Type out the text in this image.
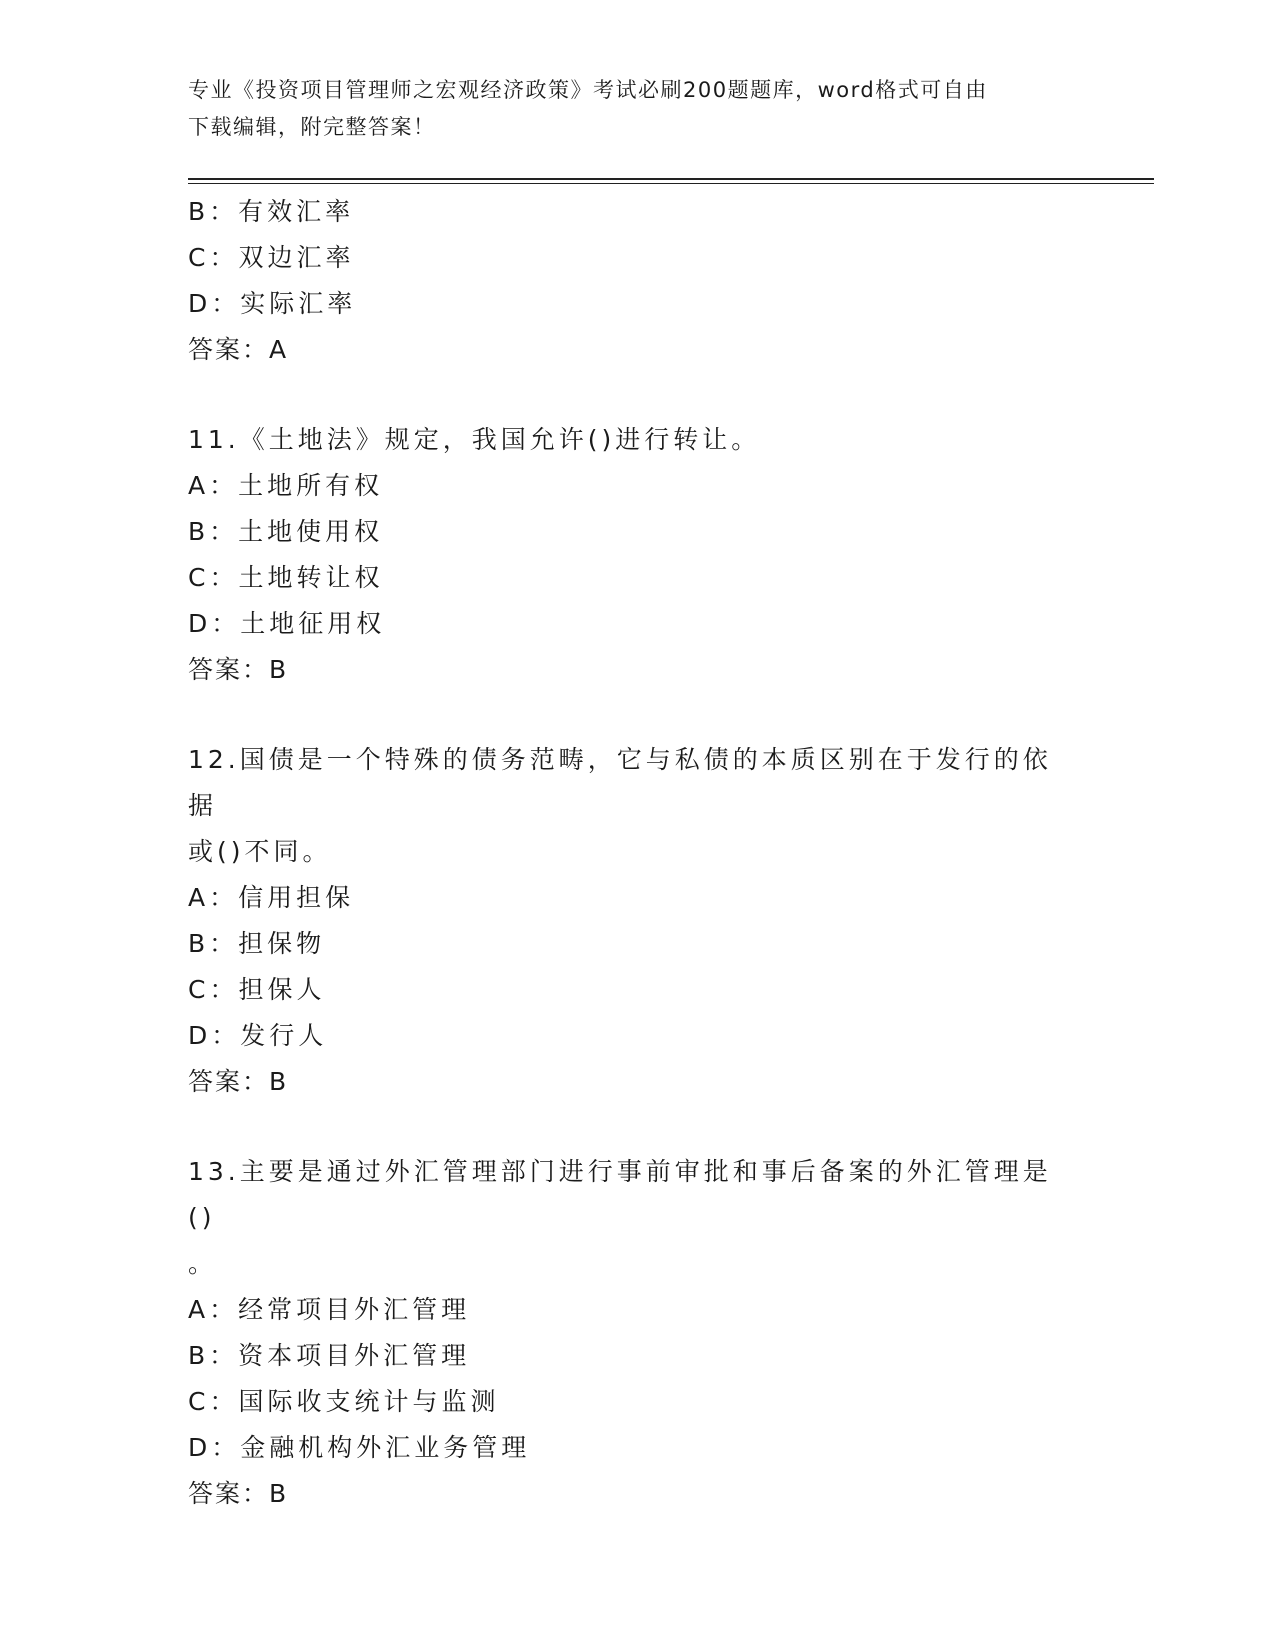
专业《投资项目管理师之宏观经济政策》考试必刷200题题库，word格式可自由
下载编辑，附完整答案！
B：有效汇率
C：双边汇率
D：实际汇率
答案：A
11.《土地法》规定，我国允许()进行转让。
A：土地所有权
B：土地使用权
C：土地转让权
D：土地征用权
答案：B
12.国债是一个特殊的债务范畴，它与私债的本质区别在于发行的依据
或()不同。
A：信用担保
B：担保物
C：担保人
D：发行人
答案：B
13.主要是通过外汇管理部门进行事前审批和事后备案的外汇管理是()
。
A：经常项目外汇管理
B：资本项目外汇管理
C：国际收支统计与监测
D：金融机构外汇业务管理
答案：B
